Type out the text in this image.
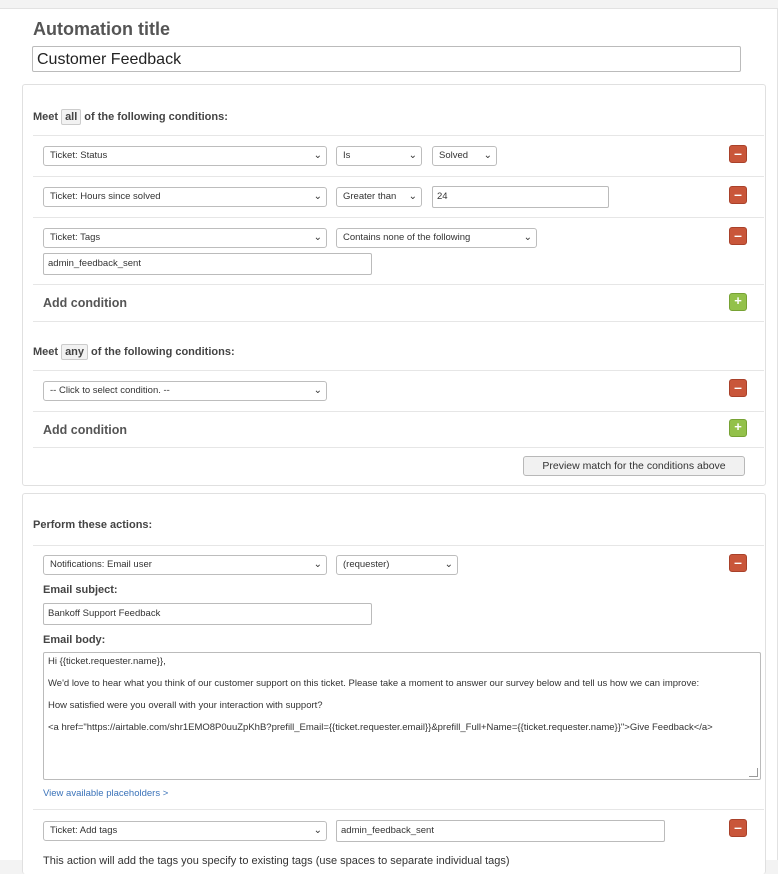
Automation title
Customer Feedback
Meet all of the following conditions:
Ticket: Status	⌄	Is	⌄	Solved ⌄	–
Ticket: Hours since solved	⌄	Greater than ⌄	24	–
Ticket: Tags	⌄	Contains none of the following	⌄	–
admin_feedback_sent
Add condition	+
Meet any of the following conditions:
-- Click to select condition. --	⌄	–
Add condition	+
Preview match for the conditions above
Perform these actions:
Notifications: Email user	⌄	(requester)	⌄	–
Email subject:
Bankoff Support Feedback
Email body:

Hi {{ticket.requester.name}},

We'd love to hear what you think of our customer support on this ticket. Please take a moment to answer our survey below and tell us how we can improve:

How satisfied were you overall with your interaction with support?

<a href="https://airtable.com/shr1EMO8P0uuZpKhB?prefill_Email={{ticket.requester.email}}&prefill_Full+Name={{ticket.requester.name}}">Give Feedback</a>

View available placeholders >
Ticket: Add tags	⌄	admin_feedback_sent	–
This action will add the tags you specify to existing tags (use spaces to separate individual tags)
